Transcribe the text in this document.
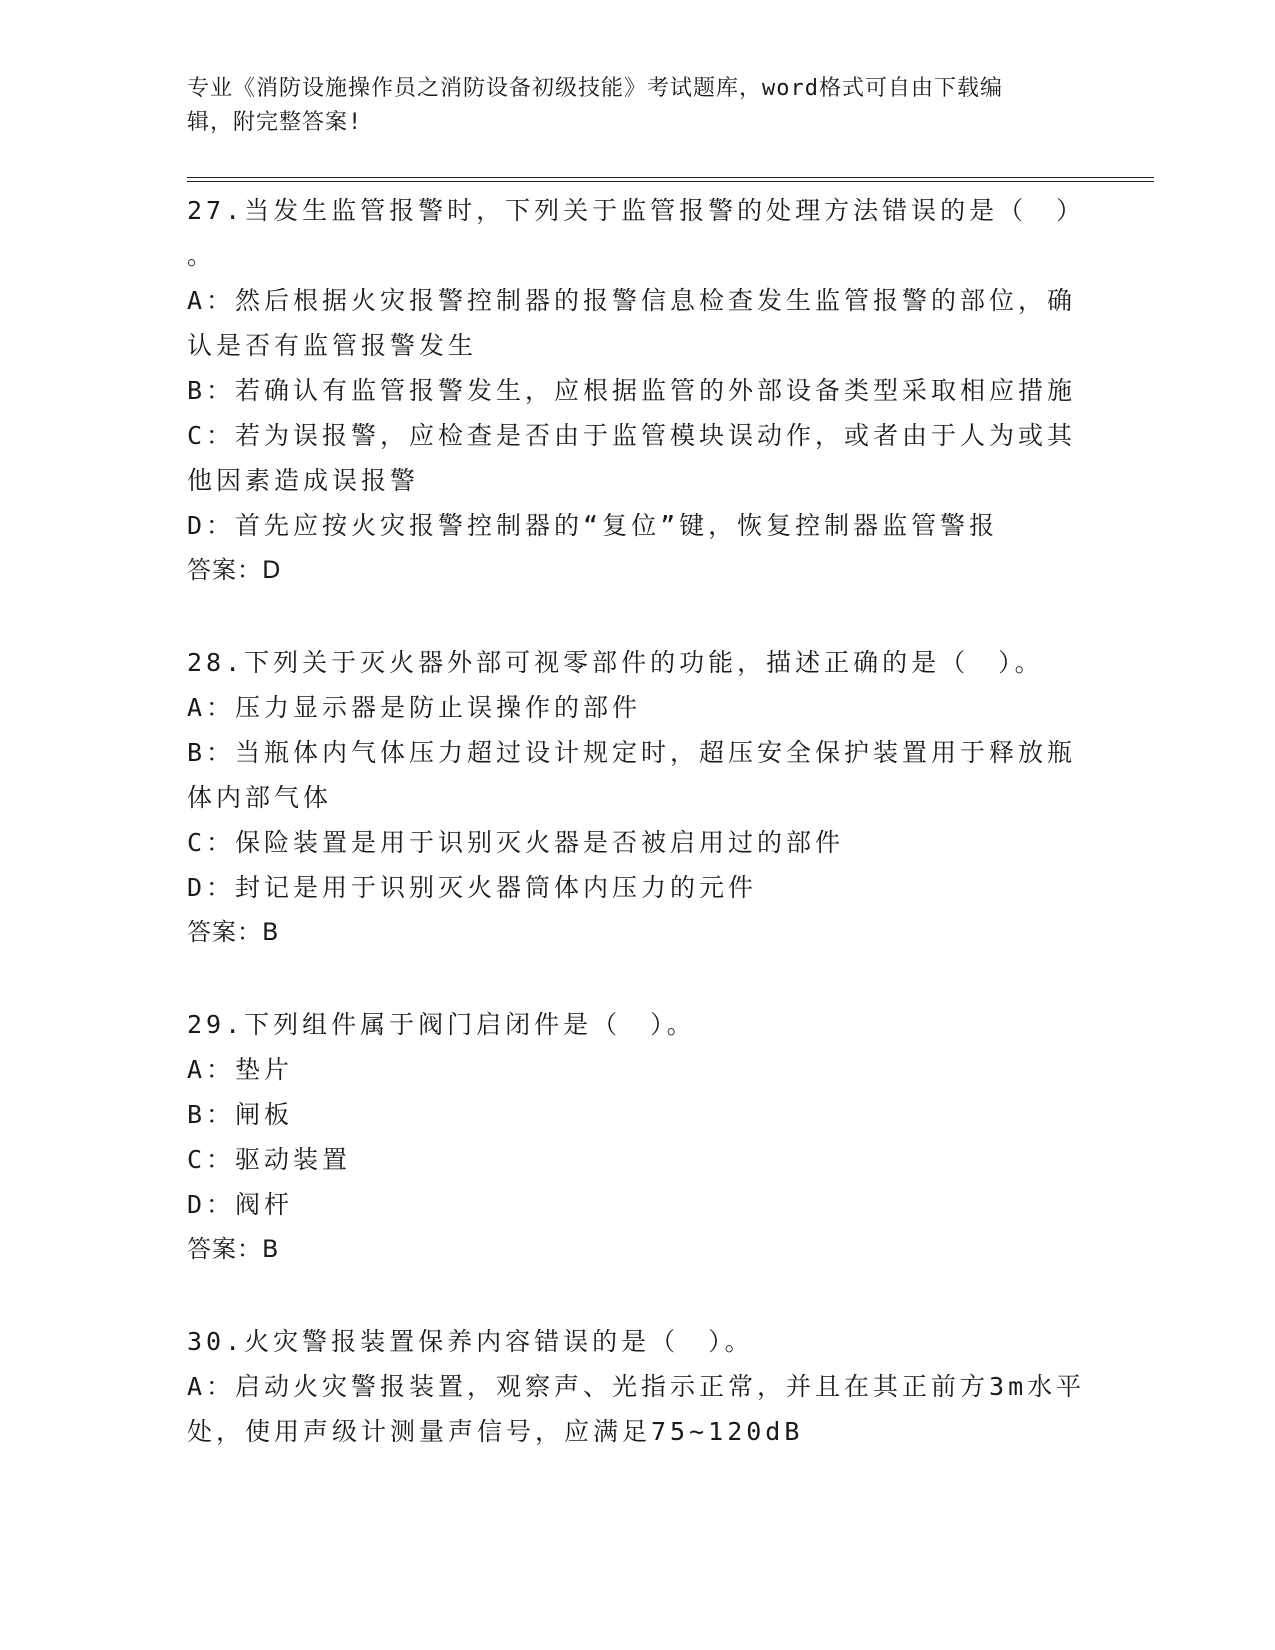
专业《消防设施操作员之消防设备初级技能》考试题库，word格式可自由下载编
辑，附完整答案!
27.当发生监管报警时，下列关于监管报警的处理方法错误的是（　）
。
A：然后根据火灾报警控制器的报警信息检查发生监管报警的部位，确认是否有监管报警发生
B：若确认有监管报警发生，应根据监管的外部设备类型采取相应措施
C：若为误报警，应检查是否由于监管模块误动作，或者由于人为或其他因素造成误报警
D：首先应按火灾报警控制器的“复位”键，恢复控制器监管警报
答案：D
28.下列关于灭火器外部可视零部件的功能，描述正确的是（　）。
A：压力显示器是防止误操作的部件
B：当瓶体内气体压力超过设计规定时，超压安全保护装置用于释放瓶体内部气体
C：保险装置是用于识别灭火器是否被启用过的部件
D：封记是用于识别灭火器筒体内压力的元件
答案：B
29.下列组件属于阀门启闭件是（　）。
A：垫片
B：闸板
C：驱动装置
D：阀杆
答案：B
30.火灾警报装置保养内容错误的是（　）。
A：启动火灾警报装置，观察声、光指示正常，并且在其正前方3m水平处，使用声级计测量声信号，应满足75~120dB
